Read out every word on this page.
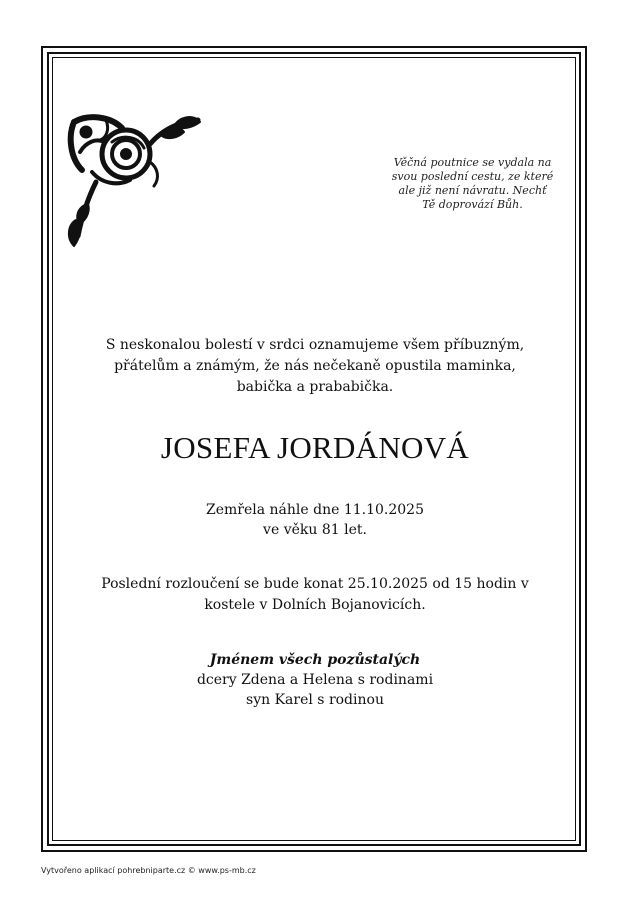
Věčná poutnice se vydala na
svou poslední cestu, ze které
ale již není návratu. Nechť
Tě doprovází Bůh.
S neskonalou bolestí v srdci oznamujeme všem příbuzným,
přátelům a známým, že nás nečekaně opustila maminka,
babička a prababička.
JOSEFA JORDÁNOVÁ
Zemřela náhle dne 11.10.2025
ve věku 81 let.
Poslední rozloučení se bude konat 25.10.2025 od 15 hodin v
kostele v Dolních Bojanovicích.
Jménem všech pozůstalých
dcery Zdena a Helena s rodinami
syn Karel s rodinou
Vytvořeno aplikací pohrebniparte.cz © www.ps-mb.cz
